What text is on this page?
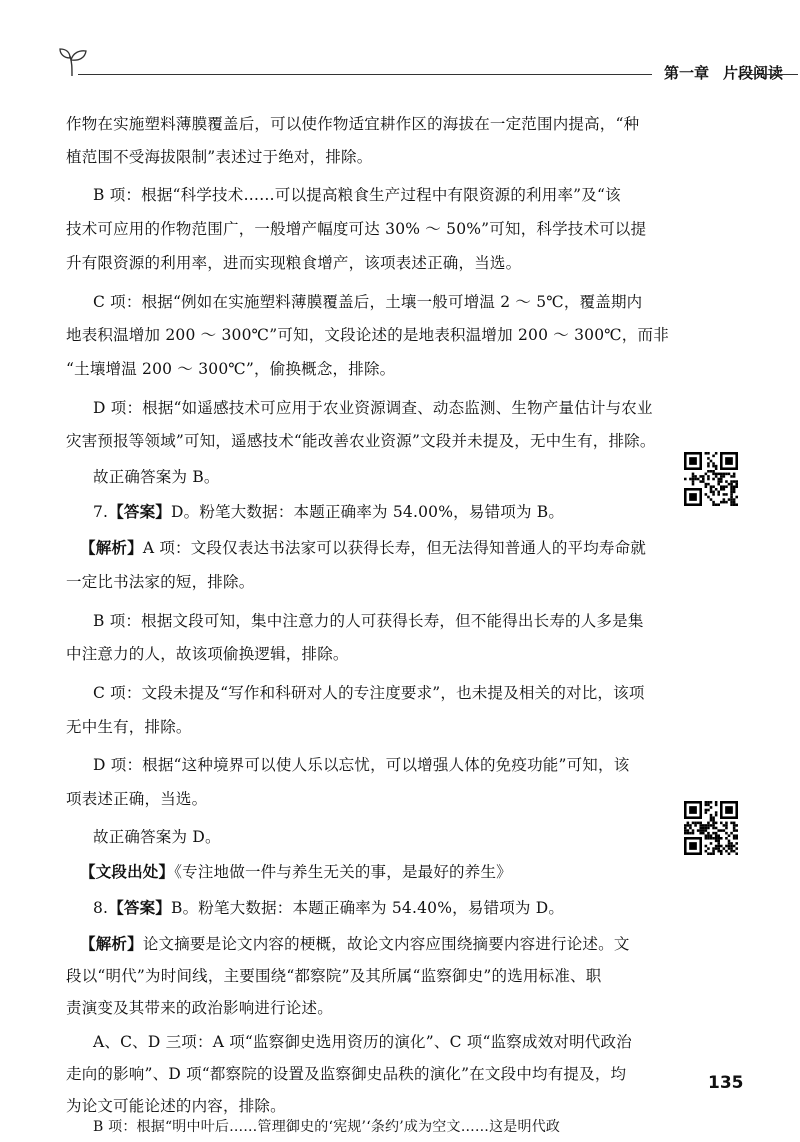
第一章 片段阅读
作物在实施塑料薄膜覆盖后，可以使作物适宜耕作区的海拔在一定范围内提高，“种
植范围不受海拔限制”表述过于绝对，排除。
B 项：根据“科学技术……可以提高粮食生产过程中有限资源的利用率”及“该
技术可应用的作物范围广，一般增产幅度可达 30% ～ 50%”可知，科学技术可以提
升有限资源的利用率，进而实现粮食增产，该项表述正确，当选。
C 项：根据“例如在实施塑料薄膜覆盖后，土壤一般可增温 2 ～ 5℃，覆盖期内
地表积温增加 200 ～ 300℃”可知，文段论述的是地表积温增加 200 ～ 300℃，而非
“土壤增温 200 ～ 300℃”，偷换概念，排除。
D 项：根据“如遥感技术可应用于农业资源调查、动态监测、生物产量估计与农业
灾害预报等领域”可知，遥感技术“能改善农业资源”文段并未提及，无中生有，排除。
故正确答案为 B。
7.【答案】D。粉笔大数据：本题正确率为 54.00%，易错项为 B。
【解析】A 项：文段仅表达书法家可以获得长寿，但无法得知普通人的平均寿命就
一定比书法家的短，排除。
B 项：根据文段可知，集中注意力的人可获得长寿，但不能得出长寿的人多是集
中注意力的人，故该项偷换逻辑，排除。
C 项：文段未提及“写作和科研对人的专注度要求”，也未提及相关的对比，该项
无中生有，排除。
D 项：根据“这种境界可以使人乐以忘忧，可以增强人体的免疫功能”可知，该
项表述正确，当选。
故正确答案为 D。
【文段出处】《专注地做一件与养生无关的事，是最好的养生》
8.【答案】B。粉笔大数据：本题正确率为 54.40%，易错项为 D。
【解析】论文摘要是论文内容的梗概，故论文内容应围绕摘要内容进行论述。文
段以“明代”为时间线，主要围绕“都察院”及其所属“监察御史”的选用标准、职
责演变及其带来的政治影响进行论述。
A、C、D 三项：A 项“监察御史选用资历的演化”、C 项“监察成效对明代政治
走向的影响”、D 项“都察院的设置及监察御史品秩的演化”在文段中均有提及，均
为论文可能论述的内容，排除。
B 项：根据“明中叶后……管理御史的‘宪规’‘条约’成为空文……这是明代政
135
